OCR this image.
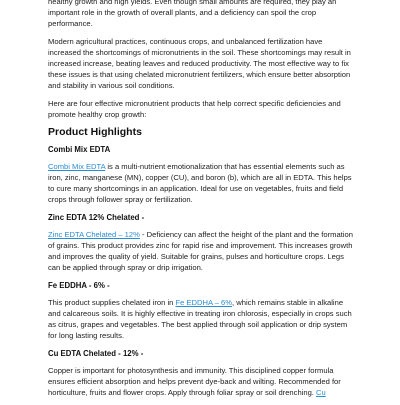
healthy growth and high yields. Even though small amounts are required, they play an important role in the growth of overall plants, and a deficiency can spoil the crop performance.

Modern agricultural practices, continuous crops, and unbalanced fertilization have increased the shortcomings of micronutrients in the soil. These shortcomings may result in increased increase, beating leaves and reduced productivity. The most effective way to fix these issues is that using chelated micronutrient fertilizers, which ensure better absorption and stability in various soil conditions.

Here are four effective micronutrient products that help correct specific deficiencies and promote healthy crop growth:

Product Highlights
Combi Mix EDTA

Combi Mix EDTA is a multi-nutrient emotionalization that has essential elements such as iron, zinc, manganese (MN), copper (CU), and boron (b), which are all in EDTA. This helps to cure many shortcomings in an application. Ideal for use on vegetables, fruits and field crops through follower spray or fertilization.

Zinc EDTA 12% Chelated -

Zinc EDTA Chelated – 12% - Deficiency can affect the height of the plant and the formation of grains. This product provides zinc for rapid rise and improvement. This increases growth and improves the quality of yield. Suitable for grains, pulses and horticulture crops. Legs can be applied through spray or drip irrigation.

Fe EDDHA - 6% -

This product supplies chelated iron in Fe EDDHA – 6%, which remains stable in alkaline and calcareous soils. It is highly effective in treating iron chlorosis, especially in crops such as citrus, grapes and vegetables. The best applied through soil application or drip system for long lasting results.

Cu EDTA Chelated - 12% -

Copper is important for photosynthesis and immunity. This disciplined copper formula ensures efficient absorption and helps prevent dye-back and wilting. Recommended for horticulture, fruits and flower crops. Apply through foliar spray or soil drenching. Cu
